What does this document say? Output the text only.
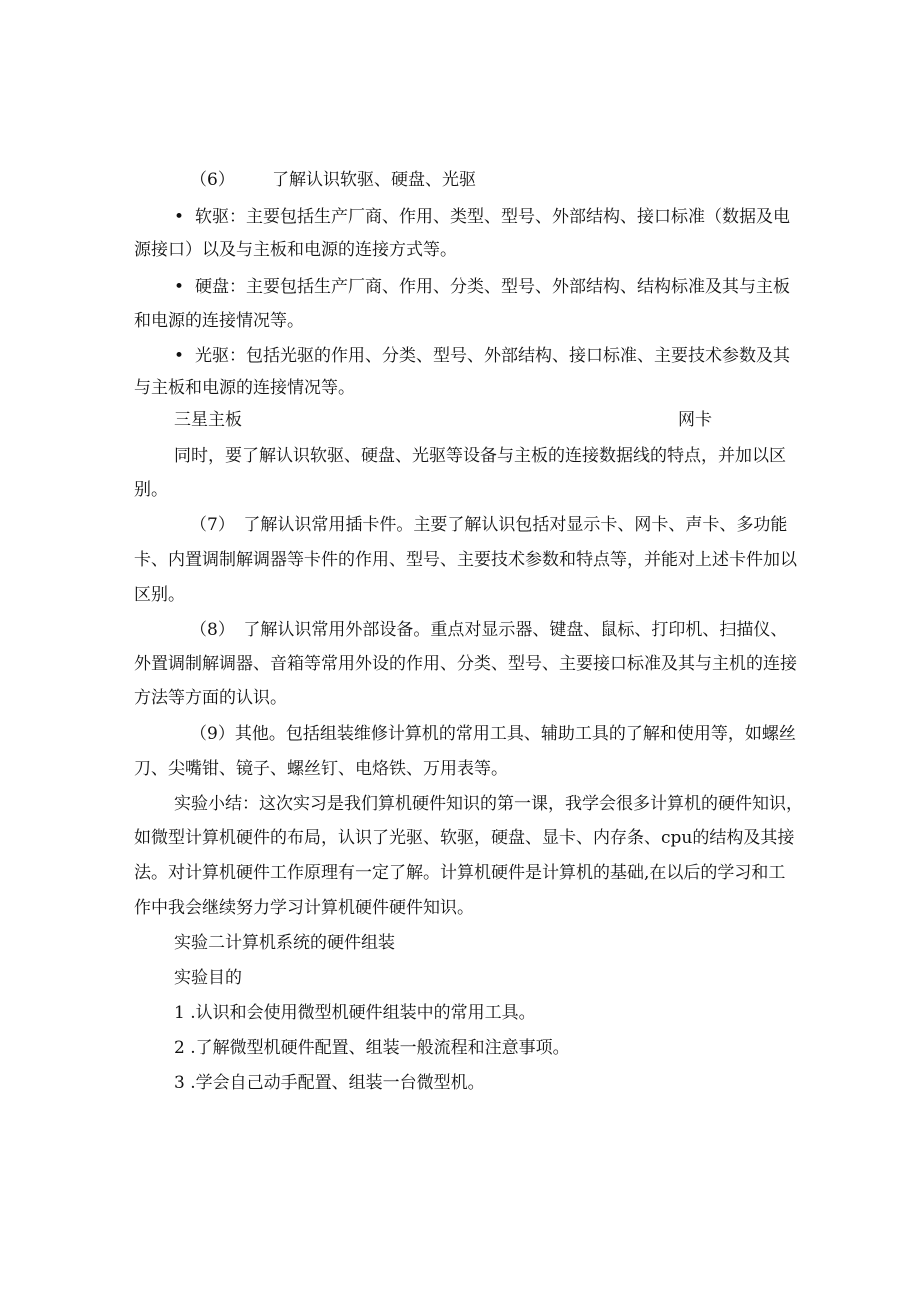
（6） 了解认识软驱、硬盘、光驱
• 软驱：主要包括生产厂商、作用、类型、型号、外部结构、接口标准（数据及电
源接口）以及与主板和电源的连接方式等。
• 硬盘：主要包括生产厂商、作用、分类、型号、外部结构、结构标准及其与主板
和电源的连接情况等。
• 光驱：包括光驱的作用、分类、型号、外部结构、接口标准、主要技术参数及其
与主板和电源的连接情况等。
三星主板	网卡
同时，要了解认识软驱、硬盘、光驱等设备与主板的连接数据线的特点，并加以区
别。
（7）　了解认识常用插卡件。主要了解认识包括对显示卡、网卡、声卡、多功能
卡、内置调制解调器等卡件的作用、型号、主要技术参数和特点等，并能对上述卡件加以
区别。
（8）　了解认识常用外部设备。重点对显示器、键盘、鼠标、打印机、扫描仪、
外置调制解调器、音箱等常用外设的作用、分类、型号、主要接口标准及其与主机的连接
方法等方面的认识。
（9）其他。包括组装维修计算机的常用工具、辅助工具的了解和使用等，如螺丝
刀、尖嘴钳、镜子、螺丝钉、电烙铁、万用表等。
实验小结：这次实习是我们算机硬件知识的第一课，我学会很多计算机的硬件知识，
如微型计算机硬件的布局，认识了光驱、软驱，硬盘、显卡、内存条、cpu的结构及其接
法。对计算机硬件工作原理有一定了解。计算机硬件是计算机的基础,在以后的学习和工
作中我会继续努力学习计算机硬件硬件知识。
实验二计算机系统的硬件组装
实验目的
1 .认识和会使用微型机硬件组装中的常用工具。
2 .了解微型机硬件配置、组装一般流程和注意事项。
3 .学会自己动手配置、组装一台微型机。
